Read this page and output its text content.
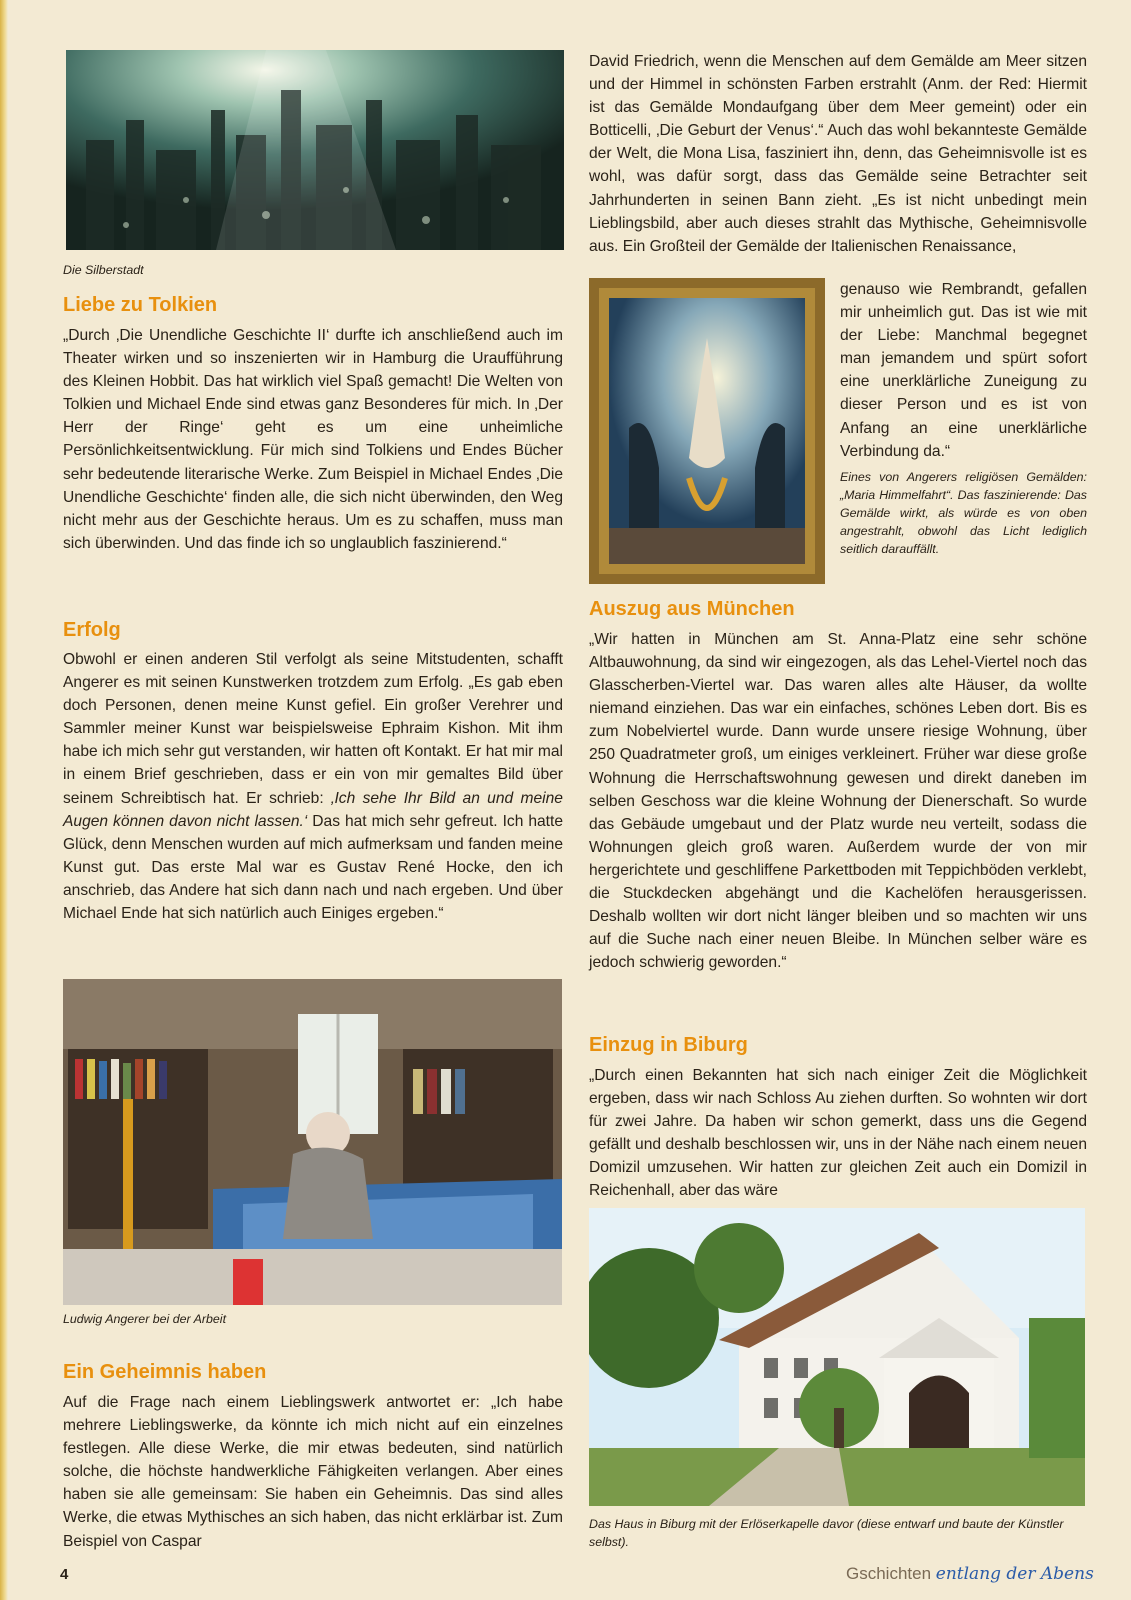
Die Silberstadt

Liebe zu Tolkien

„Durch ‚Die Unendliche Geschichte II‘ durfte ich anschließend auch im Theater wirken und so inszenierten wir in Hamburg die Uraufführung des Kleinen Hobbit. Das hat wirklich viel Spaß gemacht! Die Welten von Tolkien und Michael Ende sind etwas ganz Besonderes für mich. In ‚Der Herr der Ringe‘ geht es um eine unheimliche Persönlichkeitsentwicklung. Für mich sind Tolkiens und Endes Bücher sehr bedeutende literarische Werke. Zum Beispiel in Michael Endes ‚Die Unendliche Geschichte‘ finden alle, die sich nicht überwinden, den Weg nicht mehr aus der Geschichte heraus. Um es zu schaffen, muss man sich überwinden. Und das finde ich so unglaublich faszinierend.“

Erfolg

Obwohl er einen anderen Stil verfolgt als seine Mitstudenten, schafft Angerer es mit seinen Kunstwerken trotzdem zum Erfolg. „Es gab eben doch Personen, denen meine Kunst gefiel. Ein großer Verehrer und Sammler meiner Kunst war beispielsweise Ephraim Kishon. Mit ihm habe ich mich sehr gut verstanden, wir hatten oft Kontakt. Er hat mir mal in einem Brief geschrieben, dass er ein von mir gemaltes Bild über seinem Schreibtisch hat. Er schrieb: ‚Ich sehe Ihr Bild an und meine Augen können davon nicht lassen.‘ Das hat mich sehr gefreut. Ich hatte Glück, denn Menschen wurden auf mich aufmerksam und fanden meine Kunst gut. Das erste Mal war es Gustav René Hocke, den ich anschrieb, das Andere hat sich dann nach und nach ergeben. Und über Michael Ende hat sich natürlich auch Einiges ergeben.“

Ludwig Angerer bei der Arbeit

Ein Geheimnis haben

Auf die Frage nach einem Lieblingswerk antwortet er: „Ich habe mehrere Lieblingswerke, da könnte ich mich nicht auf ein einzelnes festlegen. Alle diese Werke, die mir etwas bedeuten, sind natürlich solche, die höchste handwerkliche Fähigkeiten verlangen. Aber eines haben sie alle gemeinsam: Sie haben ein Geheimnis. Das sind alles Werke, die etwas Mythisches an sich haben, das nicht erklärbar ist. Zum Beispiel von Caspar

David Friedrich, wenn die Menschen auf dem Gemälde am Meer sitzen und der Himmel in schönsten Farben erstrahlt (Anm. der Red: Hiermit ist das Gemälde Mondaufgang über dem Meer gemeint) oder ein Botticelli, ‚Die Geburt der Venus‘.“ Auch das wohl bekannteste Gemälde der Welt, die Mona Lisa, fasziniert ihn, denn, das Geheimnisvolle ist es wohl, was dafür sorgt, dass das Gemälde seine Betrachter seit Jahrhunderten in seinen Bann zieht. „Es ist nicht unbedingt mein Lieblingsbild, aber auch dieses strahlt das Mythische, Geheimnisvolle aus. Ein Großteil der Gemälde der Italienischen Renaissance,

genauso wie Rembrandt, gefallen mir unheimlich gut. Das ist wie mit der Liebe: Manchmal begegnet man jemandem und spürt sofort eine unerklärliche Zuneigung zu dieser Person und es ist von Anfang an eine unerklärliche Verbindung da.“

Eines von Angerers religiösen Gemälden: „Maria Himmelfahrt“. Das faszinierende: Das Gemälde wirkt, als würde es von oben angestrahlt, obwohl das Licht lediglich seitlich darauffällt.

Auszug aus München

„Wir hatten in München am St. Anna-Platz eine sehr schöne Altbauwohnung, da sind wir eingezogen, als das Lehel-Viertel noch das Glasscherben-Viertel war. Das waren alles alte Häuser, da wollte niemand einziehen. Das war ein einfaches, schönes Leben dort. Bis es zum Nobelviertel wurde. Dann wurde unsere riesige Wohnung, über 250 Quadratmeter groß, um einiges verkleinert. Früher war diese große Wohnung die Herrschaftswohnung gewesen und direkt daneben im selben Geschoss war die kleine Wohnung der Dienerschaft. So wurde das Gebäude umgebaut und der Platz wurde neu verteilt, sodass die Wohnungen gleich groß waren. Außerdem wurde der von mir hergerichtete und geschliffene Parkettboden mit Teppichböden verklebt, die Stuckdecken abgehängt und die Kachelöfen herausgerissen. Deshalb wollten wir dort nicht länger bleiben und so machten wir uns auf die Suche nach einer neuen Bleibe. In München selber wäre es jedoch schwierig geworden.“

Einzug in Biburg

„Durch einen Bekannten hat sich nach einiger Zeit die Möglichkeit ergeben, dass wir nach Schloss Au ziehen durften. So wohnten wir dort für zwei Jahre. Da haben wir schon gemerkt, dass uns die Gegend gefällt und deshalb beschlossen wir, uns in der Nähe nach einem neuen Domizil umzusehen. Wir hatten zur gleichen Zeit auch ein Domizil in Reichenhall, aber das wäre

Das Haus in Biburg mit der Erlöserkapelle davor (diese entwarf und baute der Künstler selbst).

4	Gschichten entlang der Abens
